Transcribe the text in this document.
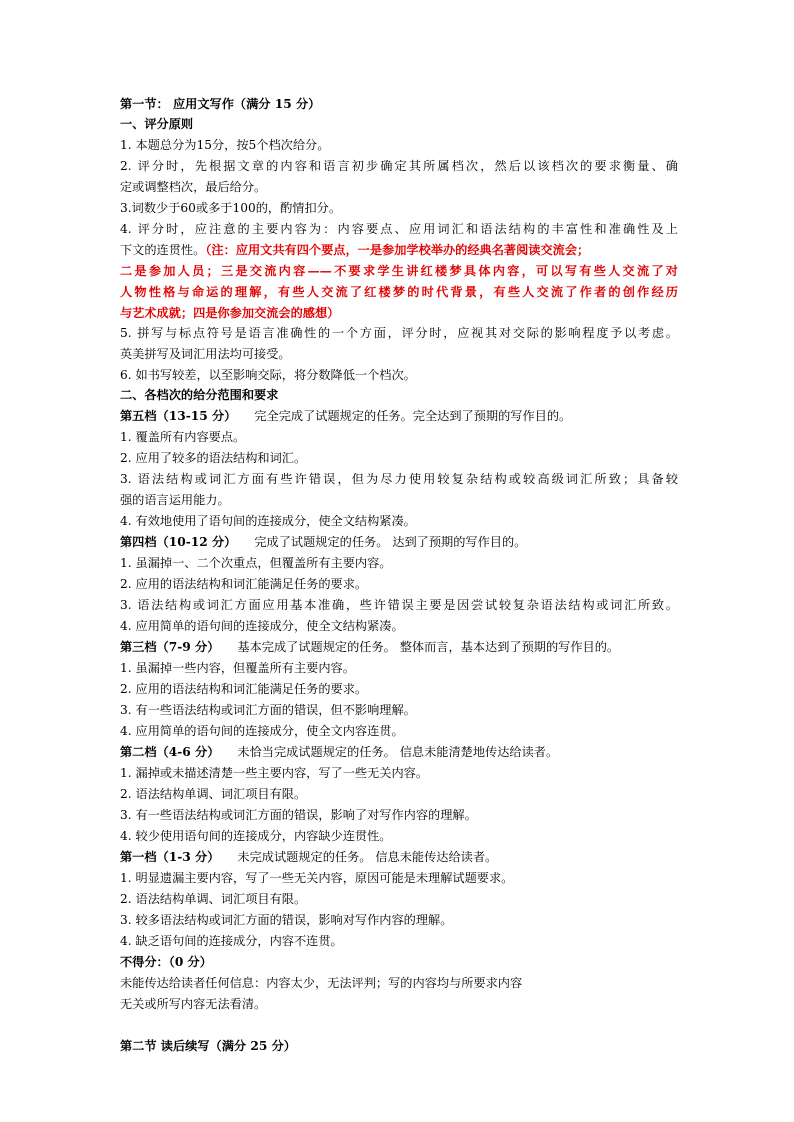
第一节： 应用文写作（满分 15 分）

一、评分原则

1. 本题总分为15分，按5个档次给分。

2. 评分时，先根据文章的内容和语言初步确定其所属档次，然后以该档次的要求衡量、确

定或调整档次，最后给分。

3.词数少于60或多于100的，酌情扣分。

4. 评分时，应注意的主要内容为：内容要点、应用词汇和语法结构的丰富性和准确性及上

下文的连贯性。（注：应用文共有四个要点，一是参加学校举办的经典名著阅读交流会；

二是参加人员；三是交流内容——不要求学生讲红楼梦具体内容，可以写有些人交流了对

人物性格与命运的理解，有些人交流了红楼梦的时代背景，有些人交流了作者的创作经历

与艺术成就；四是你参加交流会的感想）

5. 拼写与标点符号是语言准确性的一个方面，评分时，应视其对交际的影响程度予以考虑。

英美拼写及词汇用法均可接受。

6. 如书写较差，以至影响交际，将分数降低一个档次。

二、各档次的给分范围和要求

第五档（13-15 分） 完全完成了试题规定的任务。完全达到了预期的写作目的。

1. 覆盖所有内容要点。

2. 应用了较多的语法结构和词汇。

3. 语法结构或词汇方面有些许错误，但为尽力使用较复杂结构或较高级词汇所致；具备较

强的语言运用能力。

4. 有效地使用了语句间的连接成分，使全文结构紧凑。

第四档（10-12 分） 完成了试题规定的任务。 达到了预期的写作目的。

1. 虽漏掉一、二个次重点，但覆盖所有主要内容。

2. 应用的语法结构和词汇能满足任务的要求。

3. 语法结构或词汇方面应用基本准确，些许错误主要是因尝试较复杂语法结构或词汇所致。

4. 应用简单的语句间的连接成分，使全文结构紧凑。

第三档（7-9 分） 基本完成了试题规定的任务。 整体而言，基本达到了预期的写作目的。

1. 虽漏掉一些内容，但覆盖所有主要内容。

2. 应用的语法结构和词汇能满足任务的要求。

3. 有一些语法结构或词汇方面的错误，但不影响理解。

4. 应用简单的语句间的连接成分，使全文内容连贯。

第二档（4-6 分） 未恰当完成试题规定的任务。 信息未能清楚地传达给读者。

1. 漏掉或未描述清楚一些主要内容，写了一些无关内容。

2. 语法结构单调、词汇项目有限。

3. 有一些语法结构或词汇方面的错误，影响了对写作内容的理解。

4. 较少使用语句间的连接成分，内容缺少连贯性。

第一档（1-3 分） 未完成试题规定的任务。 信息未能传达给读者。

1. 明显遗漏主要内容，写了一些无关内容，原因可能是未理解试题要求。

2. 语法结构单调、词汇项目有限。

3. 较多语法结构或词汇方面的错误，影响对写作内容的理解。

4. 缺乏语句间的连接成分，内容不连贯。

不得分：（0 分）

未能传达给读者任何信息：内容太少，无法评判；写的内容均与所要求内容

无关或所写内容无法看清。

第二节 读后续写（满分 25 分）
